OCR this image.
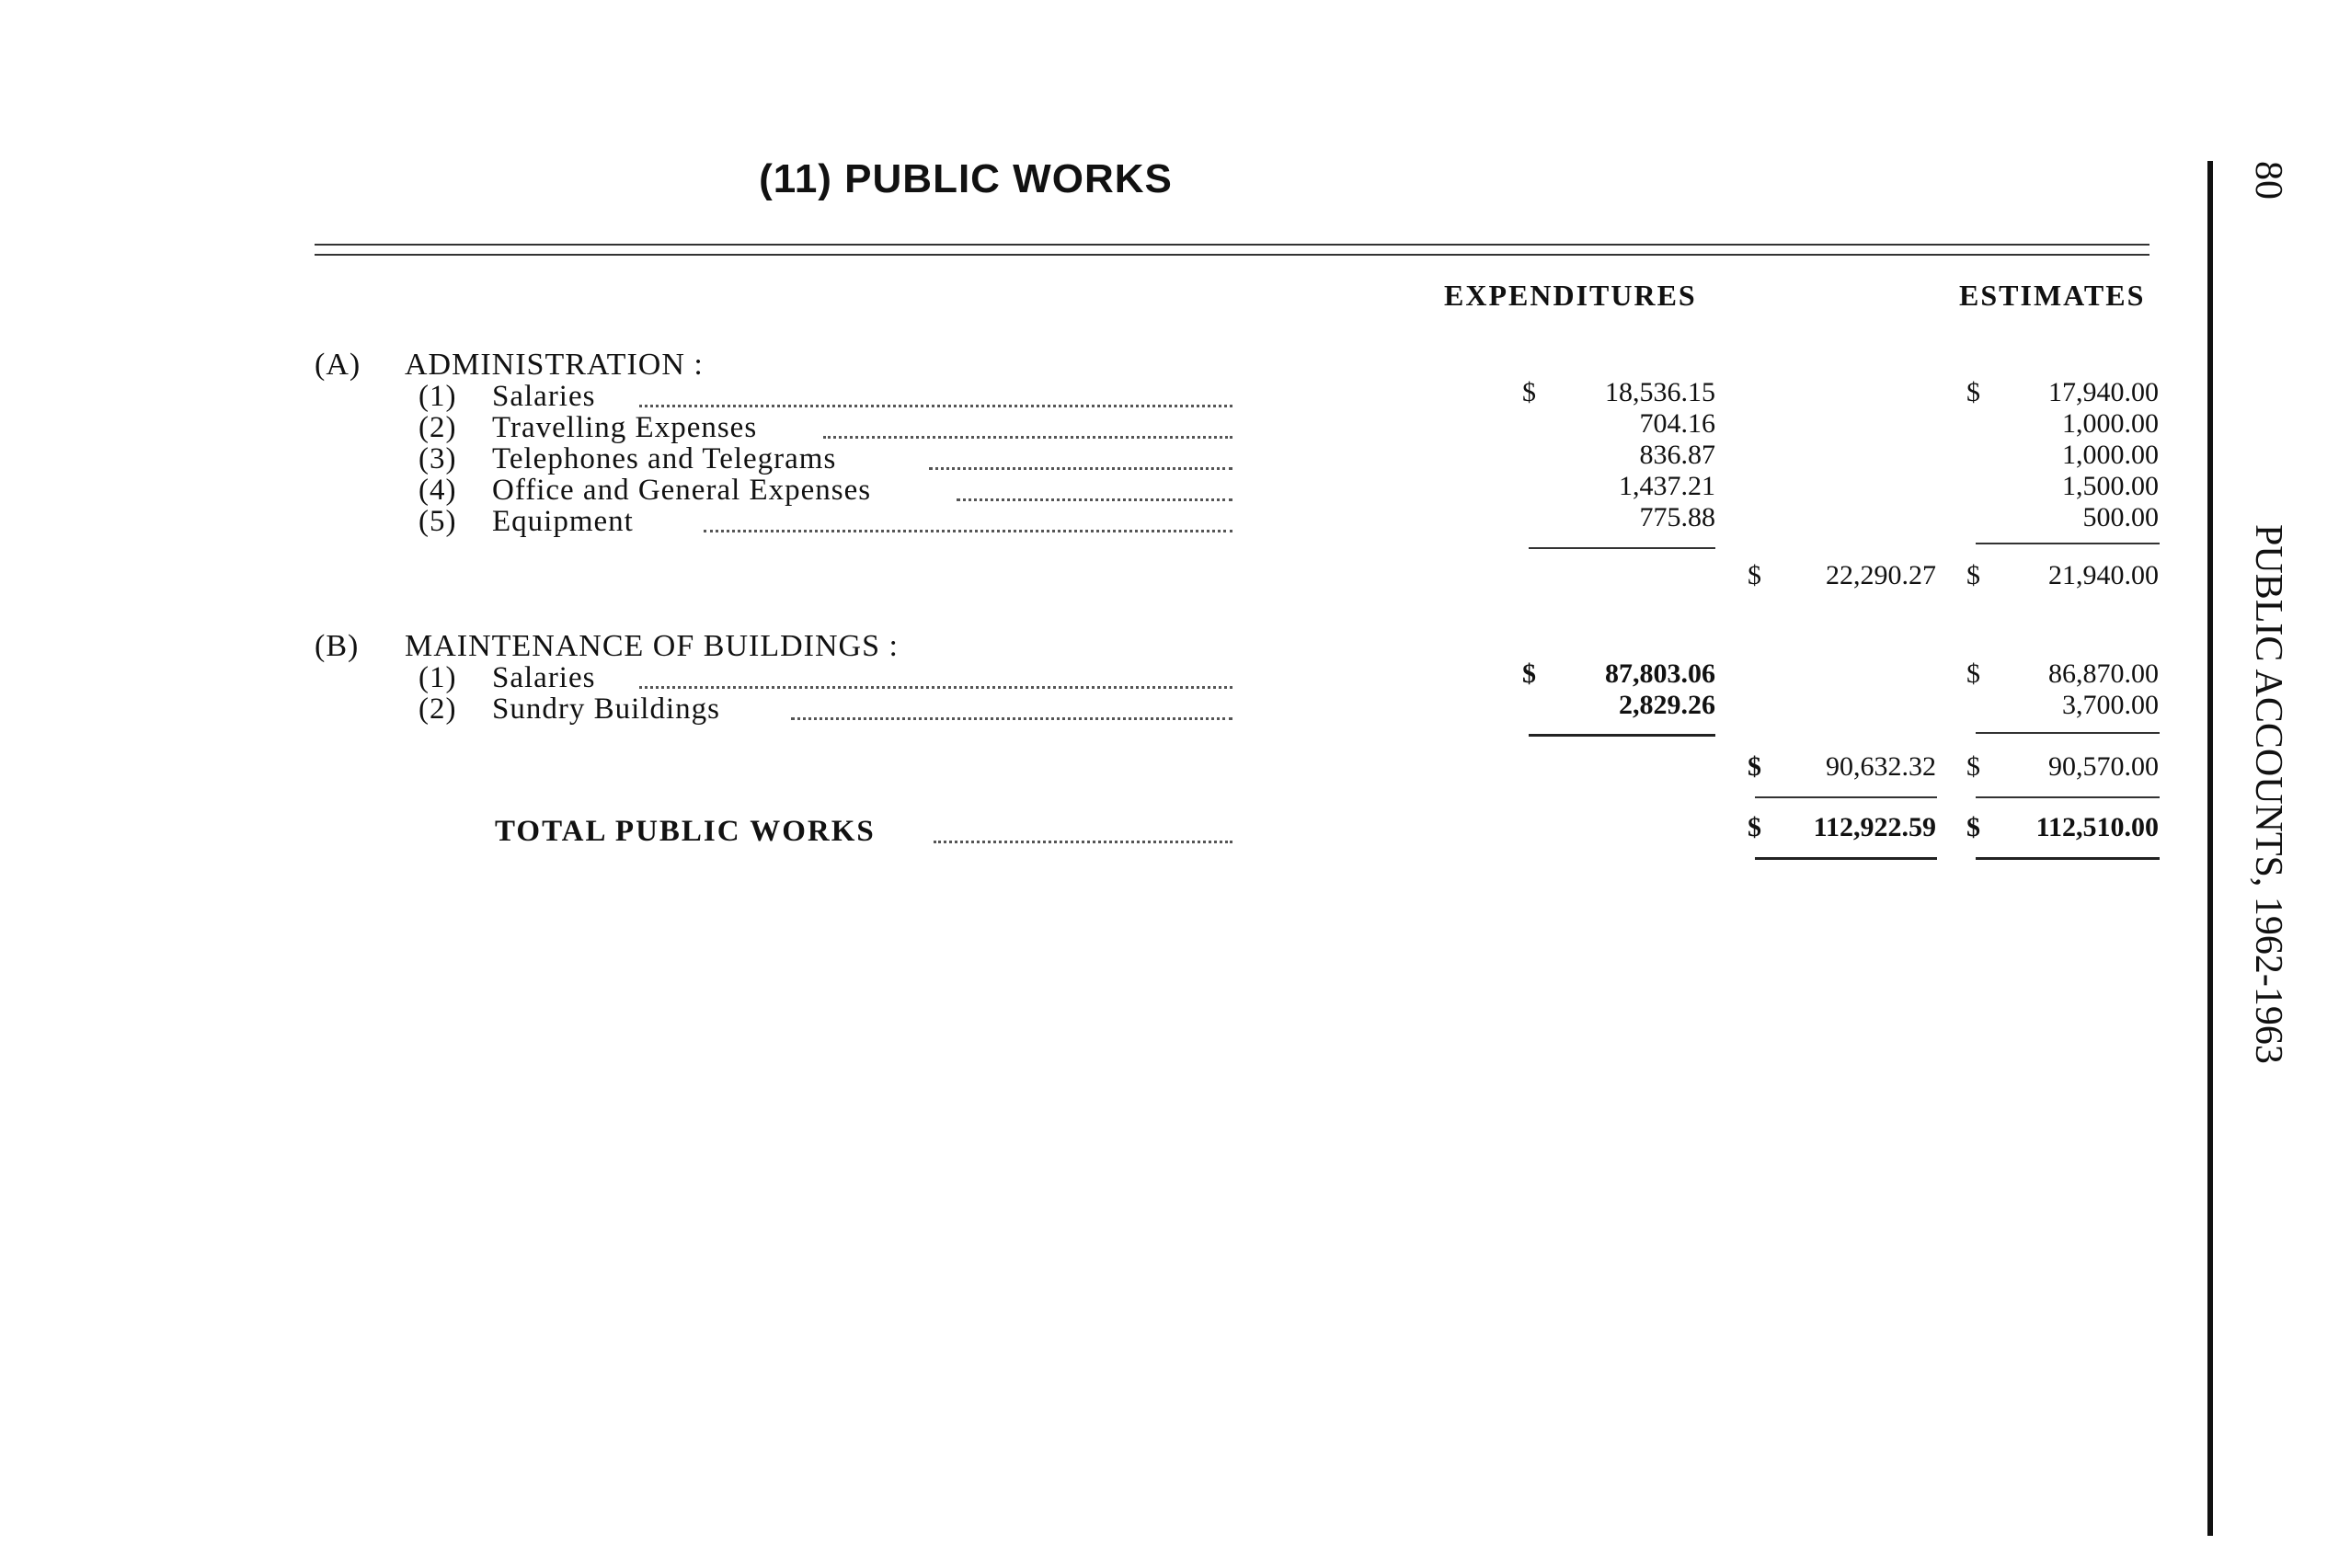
(11) PUBLIC WORKS
EXPENDITURES	ESTIMATES
(A) ADMINISTRATION :
(1) Salaries	$	18,536.15	$	17,940.00
(2) Travelling Expenses	704.16	1,000.00
(3) Telephones and Telegrams	836.87	1,000.00
(4) Office and General Expenses	1,437.21	1,500.00
(5) Equipment	775.88	500.00
$	22,290.27 $	21,940.00
(B) MAINTENANCE OF BUILDINGS :
(1) Salaries	$	87,803.06	$	86,870.00
(2) Sundry Buildings	2,829.26	3,700.00
$	90,632.32 $	90,570.00
TOTAL PUBLIC WORKS	$	112,922.59 $	112,510.00
80
PUBLIC ACCOUNTS, 1962-1963
